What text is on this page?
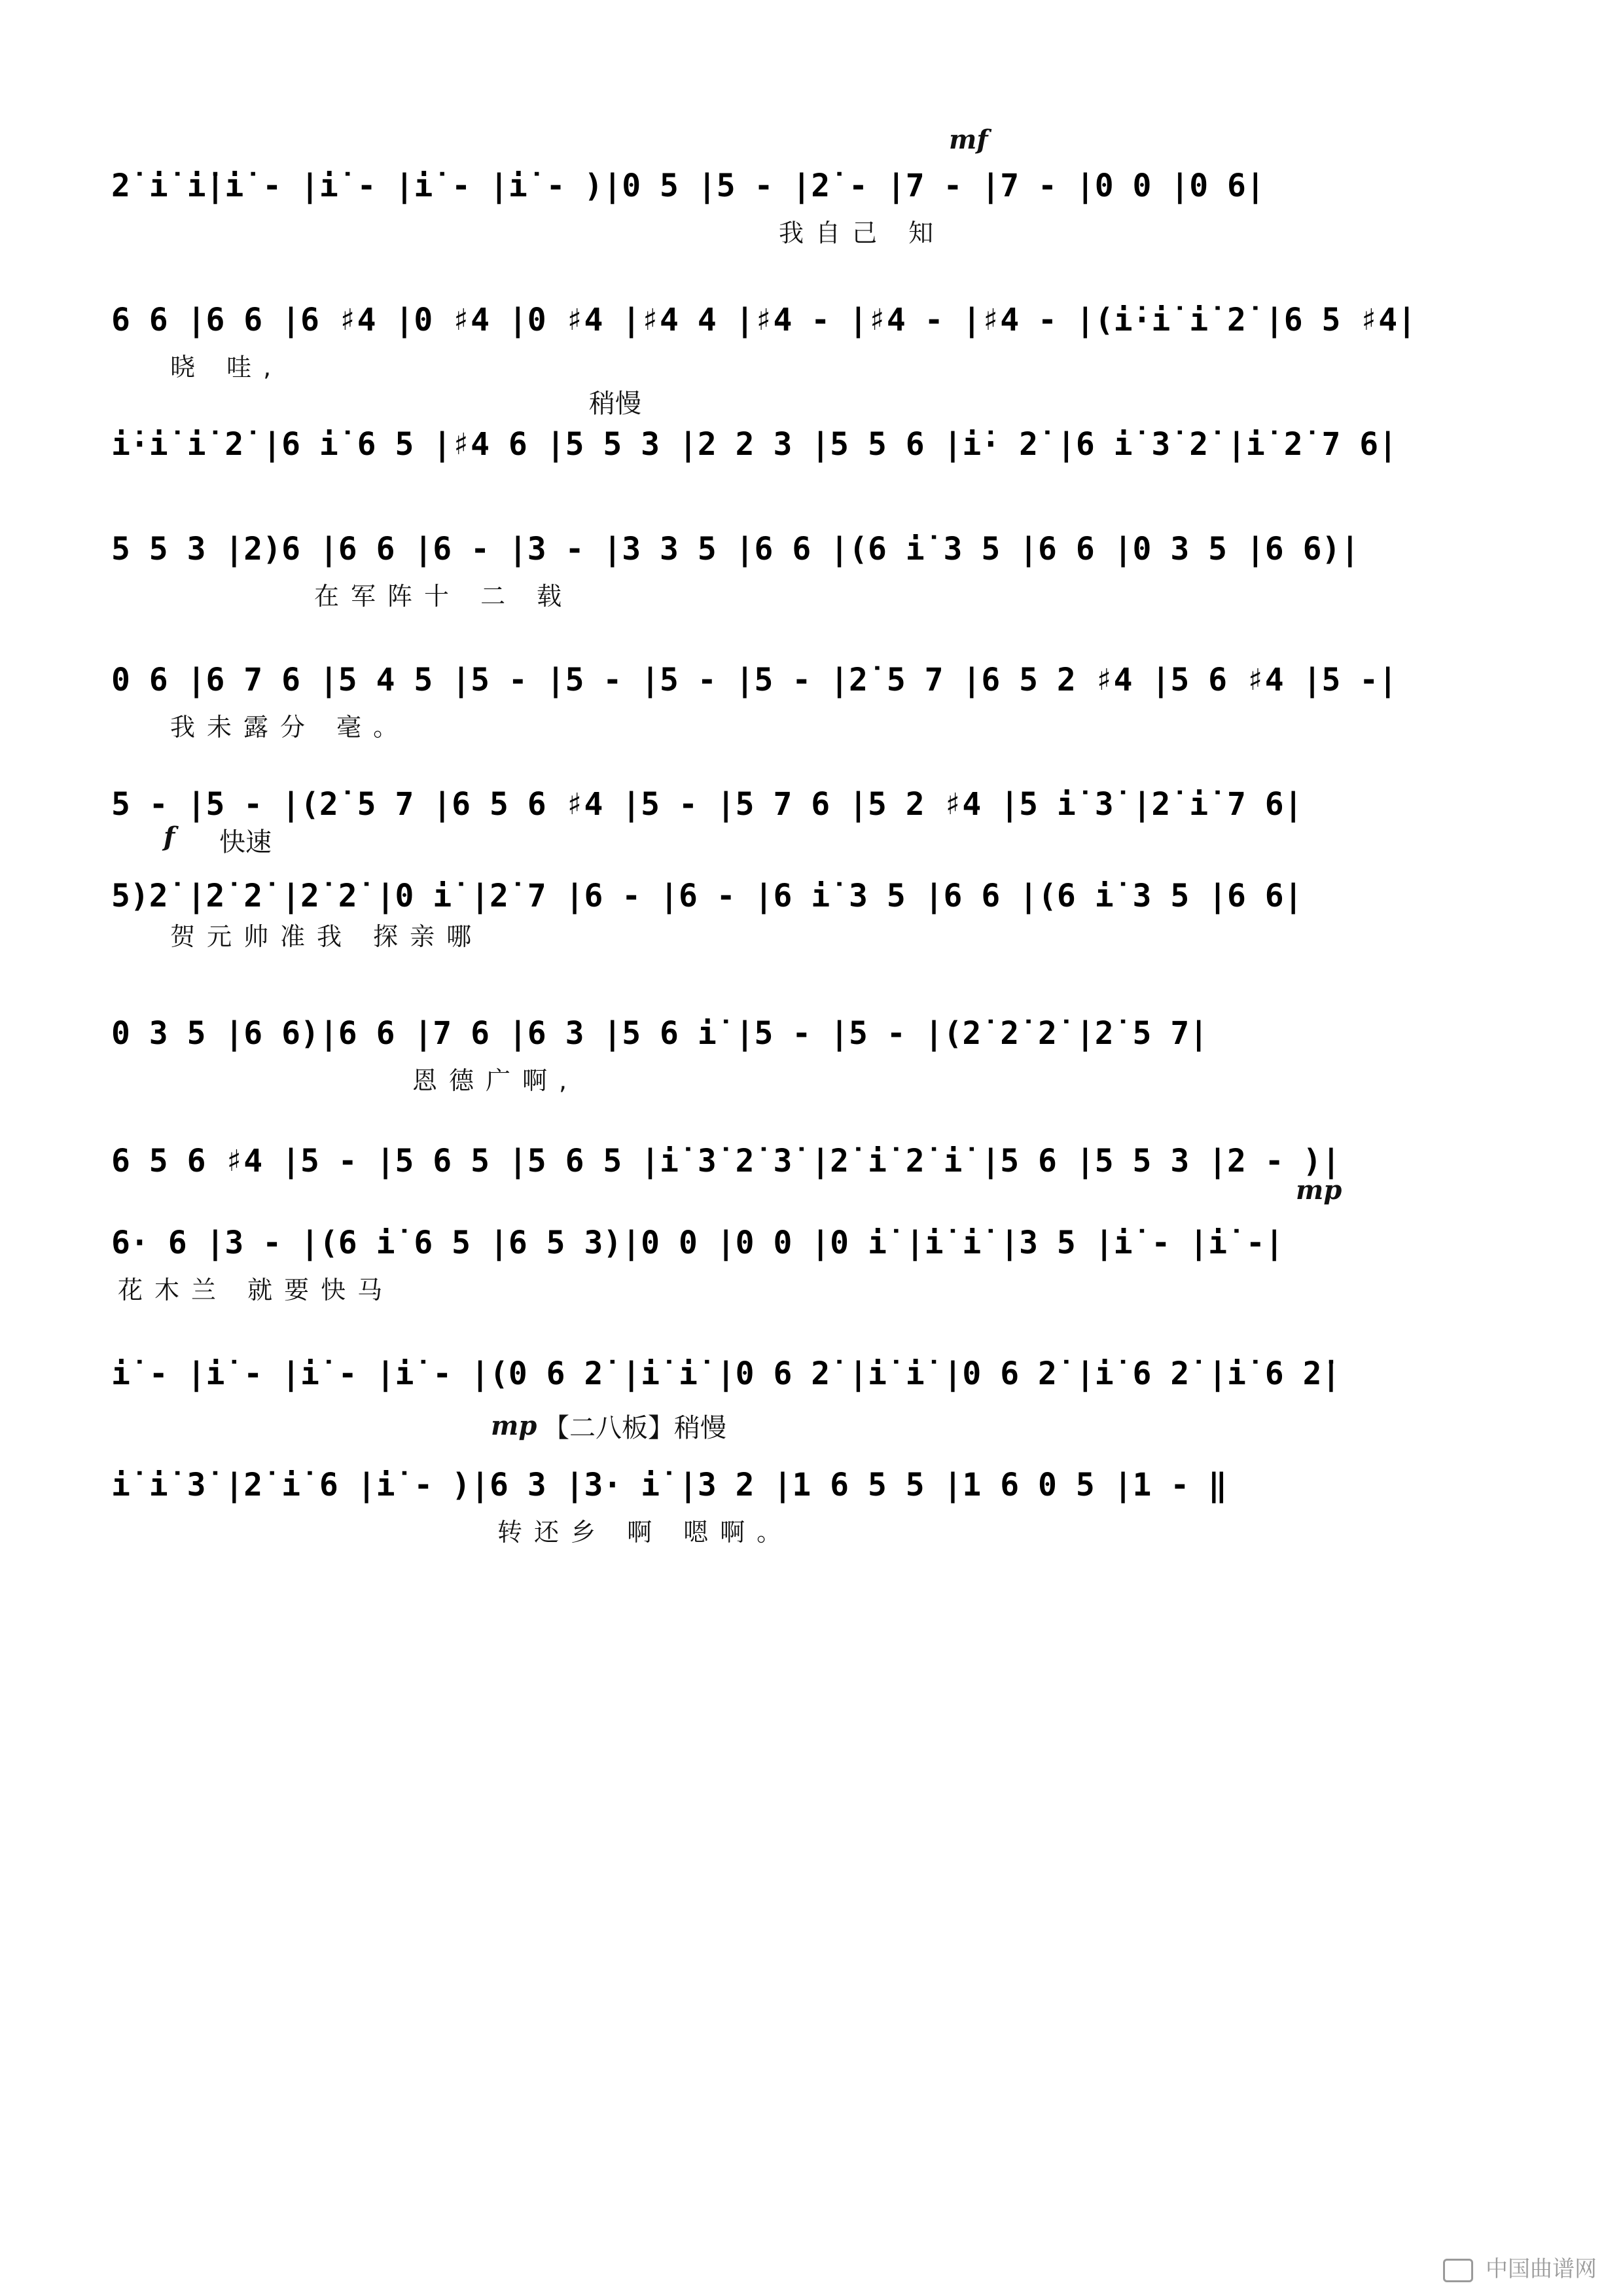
mf
2̇ i̇ i̇|i̇ - |i̇ - |i̇ - |i̇ - )|0 5 |5 - |2̇ - |7 - |7 - |0 0 |0 6|
我自己 知
6 6 |6 6 |6 ♯4 |0 ♯4 |0 ♯4 |♯4 4 |♯4 - |♯4 - |♯4 - |(i̇·i̇ i̇ 2̇ |6 5 ♯4|
晓 哇,
稍慢
i̇·i̇ i̇ 2̇ |6 i̇ 6 5 |♯4 6 |5 5 3 |2 2 3 |5 5 6 |i̇· 2̇ |6 i̇ 3̇ 2̇ |i̇ 2̇ 7 6|
5 5 3 |2)6 |6 6 |6 - |3 - |3 3 5 |6 6 |(6 i̇ 3 5 |6 6 |0 3 5 |6 6)|
在军阵十 二 载
0 6 |6 7 6 |5 4 5 |5 - |5 - |5 - |5 - |2̇ 5 7 |6 5 2 ♯4 |5 6 ♯4 |5 -|
我未露分 毫。
5 - |5 - |(2̇ 5 7 |6 5 6 ♯4 |5 - |5 7 6 |5 2 ♯4 |5 i̇ 3̇ |2̇ i̇ 7 6|
f 快速
5)2̇ |2̇ 2̇ |2̇ 2̇ |0 i̇ |2̇ 7 |6 - |6 - |6 i̇ 3 5 |6 6 |(6 i̇ 3 5 |6 6|
贺元帅准我 探亲哪
0 3 5 |6 6)|6 6 |7 6 |6 3 |5 6 i̇ |5 - |5 - |(2̇ 2̇ 2̇ |2̇ 5 7|
恩德广啊,
6 5 6 ♯4 |5 - |5 6 5 |5 6 5 |i̇ 3̇ 2̇ 3̇ |2̇ i̇ 2̇ i̇ |5 6 |5 5 3 |2 - )|
mp
6· 6 |3 - |(6 i̇ 6 5 |6 5 3)|0 0 |0 0 |0 i̇ |i̇ i̇ |3 5 |i̇ - |i̇ -|
花木兰 就要快马
i̇ - |i̇ - |i̇ - |i̇ - |(0 6 2̇ |i̇ i̇ |0 6 2̇ |i̇ i̇ |0 6 2̇ |i̇ 6 2̇ |i̇ 6 2̇|
mp 【二八板】 稍慢
i̇ i̇ 3̇ |2̇ i̇ 6 |i̇ - )|6 3 |3· i̇ |3 2 |1 6 5 5 |1 6 0 5 |1 - ‖
转还乡 啊 嗯啊。
中国曲谱网
